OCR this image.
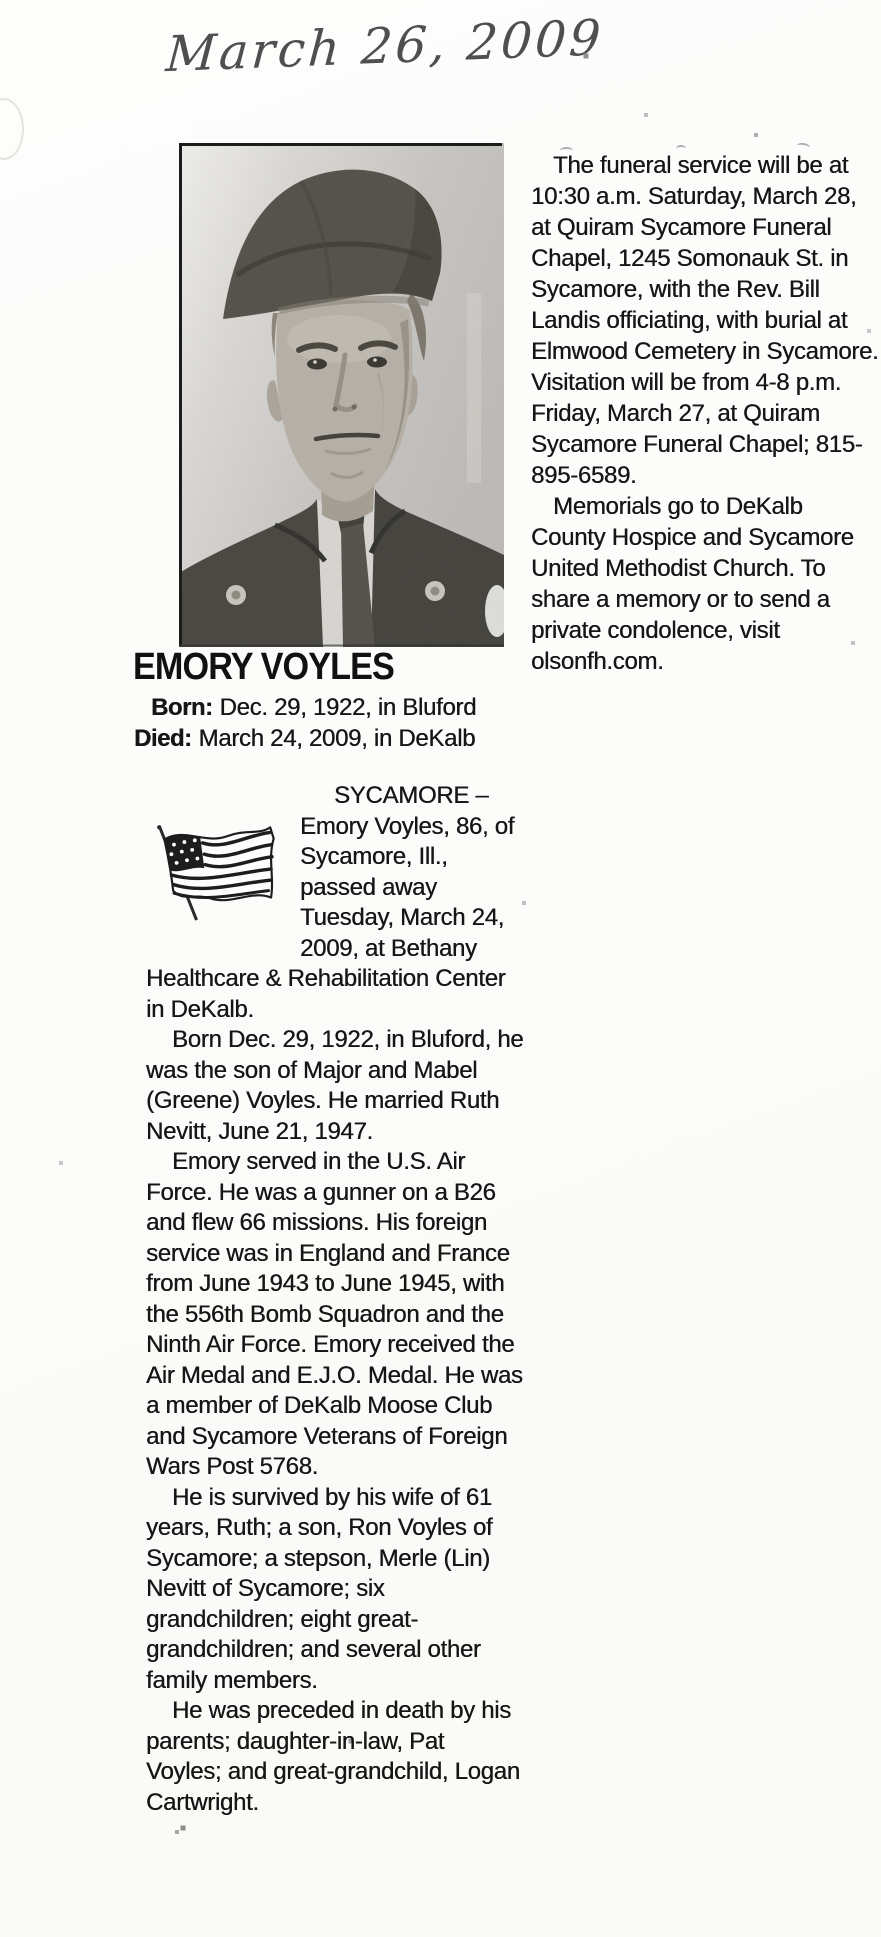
March 26, 2009

The funeral service will be at 10:30 a.m. Saturday, March 28, at Quiram Sycamore Funeral Chapel, 1245 Somonauk St. in Sycamore, with the Rev. Bill Landis officiating, with burial at Elmwood Cemetery in Sycamore. Visitation will be from 4-8 p.m. Friday, March 27, at Quiram Sycamore Funeral Chapel; 815-895-6589.

Memorials go to DeKalb County Hospice and Sycamore United Methodist Church. To share a memory or to send a private condolence, visit olsonfh.com.

EMORY VOYLES
Born: Dec. 29, 1922, in Bluford
Died: March 24, 2009, in DeKalb

SYCAMORE – Emory Voyles, 86, of Sycamore, Ill., passed away Tuesday, March 24, 2009, at Bethany Healthcare & Rehabilitation Center in DeKalb.

Born Dec. 29, 1922, in Bluford, he was the son of Major and Mabel (Greene) Voyles. He married Ruth Nevitt, June 21, 1947.

Emory served in the U.S. Air Force. He was a gunner on a B26 and flew 66 missions. His foreign service was in England and France from June 1943 to June 1945, with the 556th Bomb Squadron and the Ninth Air Force. Emory received the Air Medal and E.J.O. Medal. He was a member of DeKalb Moose Club and Sycamore Veterans of Foreign Wars Post 5768.

He is survived by his wife of 61 years, Ruth; a son, Ron Voyles of Sycamore; a stepson, Merle (Lin) Nevitt of Sycamore; six grandchildren; eight great-grandchildren; and several other family members.

He was preceded in death by his parents; daughter-in-law, Pat Voyles; and great-grandchild, Logan Cartwright.
